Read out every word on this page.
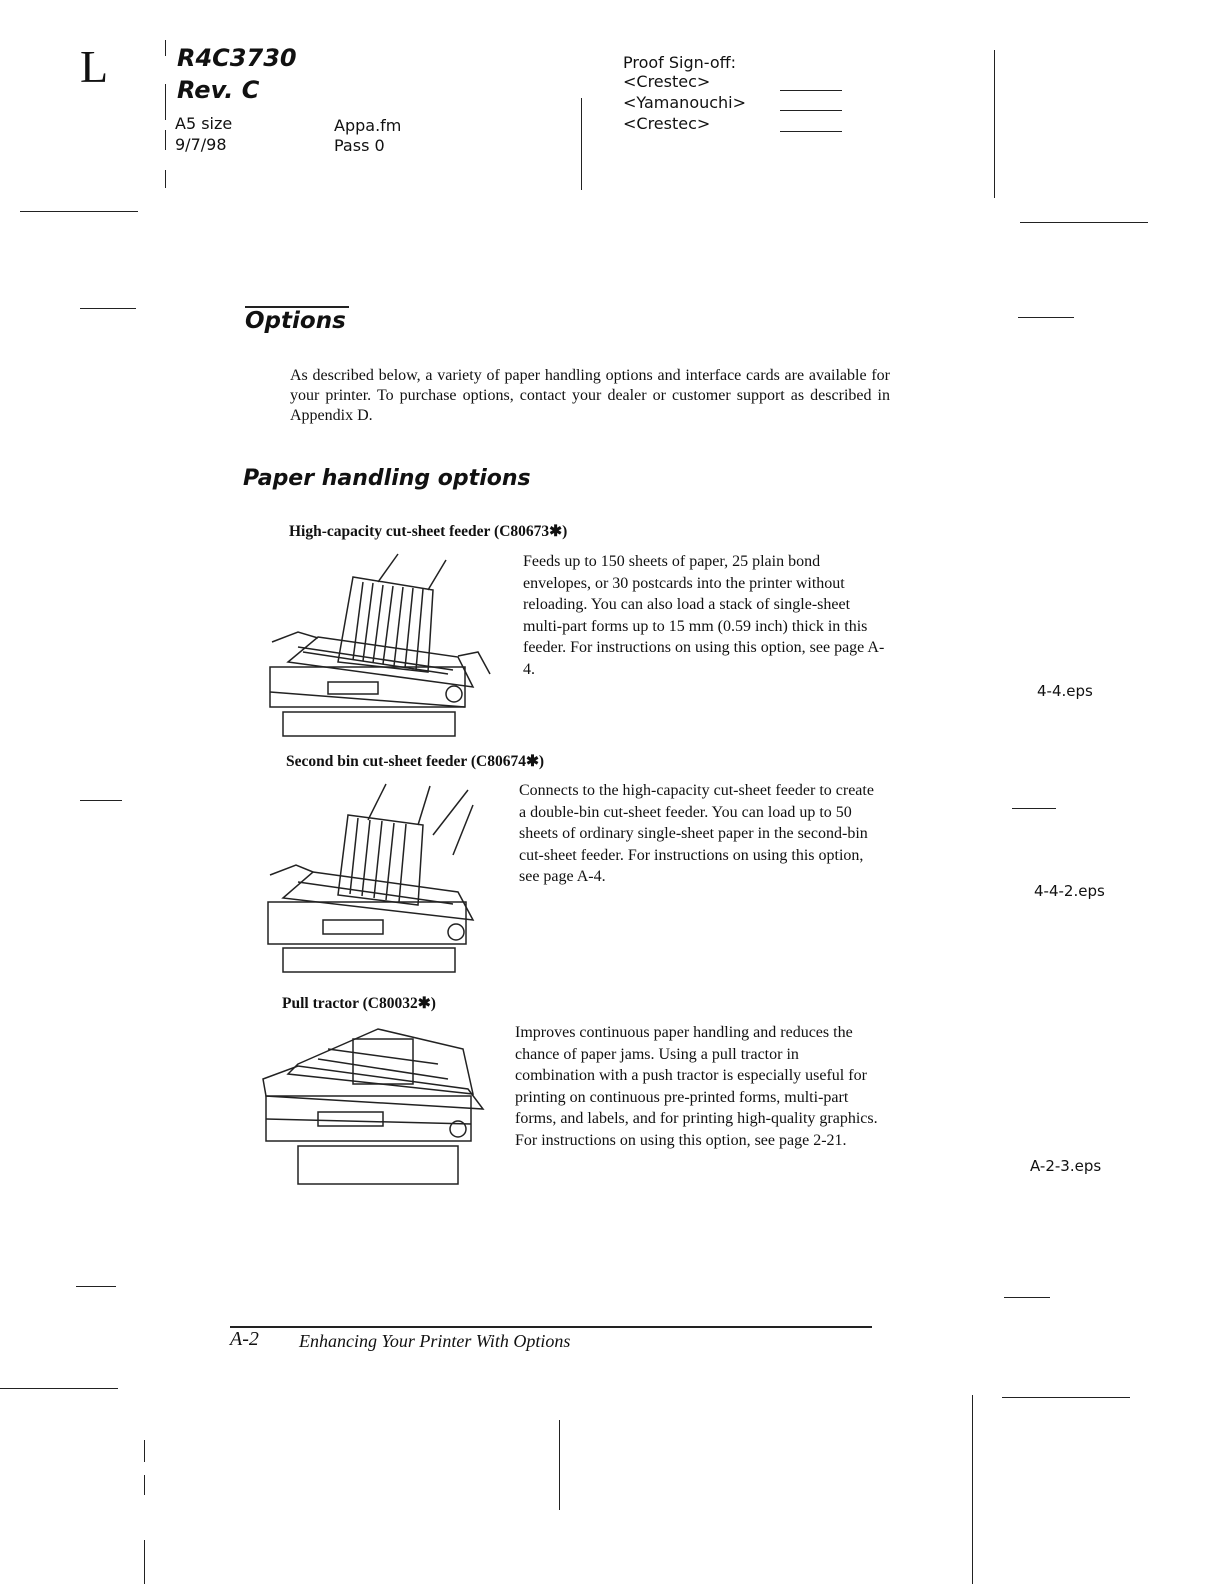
L	R4C3730
Rev. C
A5 size
9/7/98
Appa.fm
Pass 0
Proof Sign-off:
<Crestec>
<Yamanouchi>
<Crestec>
Options
As described below, a variety of paper handling options and interface cards are available for your printer. To purchase options, contact your dealer or customer support as described in Appendix D.
Paper handling options
High-capacity cut-sheet feeder (C80673✱)
Feeds up to 150 sheets of paper, 25 plain bond envelopes, or 30 postcards into the printer without reloading. You can also load a stack of single-sheet multi-part forms up to 15 mm (0.59 inch) thick in this feeder. For instructions on using this option, see page A-4.
4-4.eps
Second bin cut-sheet feeder (C80674✱)
Connects to the high-capacity cut-sheet feeder to create a double-bin cut-sheet feeder. You can load up to 50 sheets of ordinary single-sheet paper in the second-bin cut-sheet feeder. For instructions on using this option, see page A-4.
4-4-2.eps
Pull tractor (C80032✱)
Improves continuous paper handling and reduces the chance of paper jams. Using a pull tractor in combination with a push tractor is especially useful for printing on continuous pre-printed forms, multi-part forms, and labels, and for printing high-quality graphics. For instructions on using this option, see page 2-21.
A-2-3.eps
A-2 Enhancing Your Printer With Options
